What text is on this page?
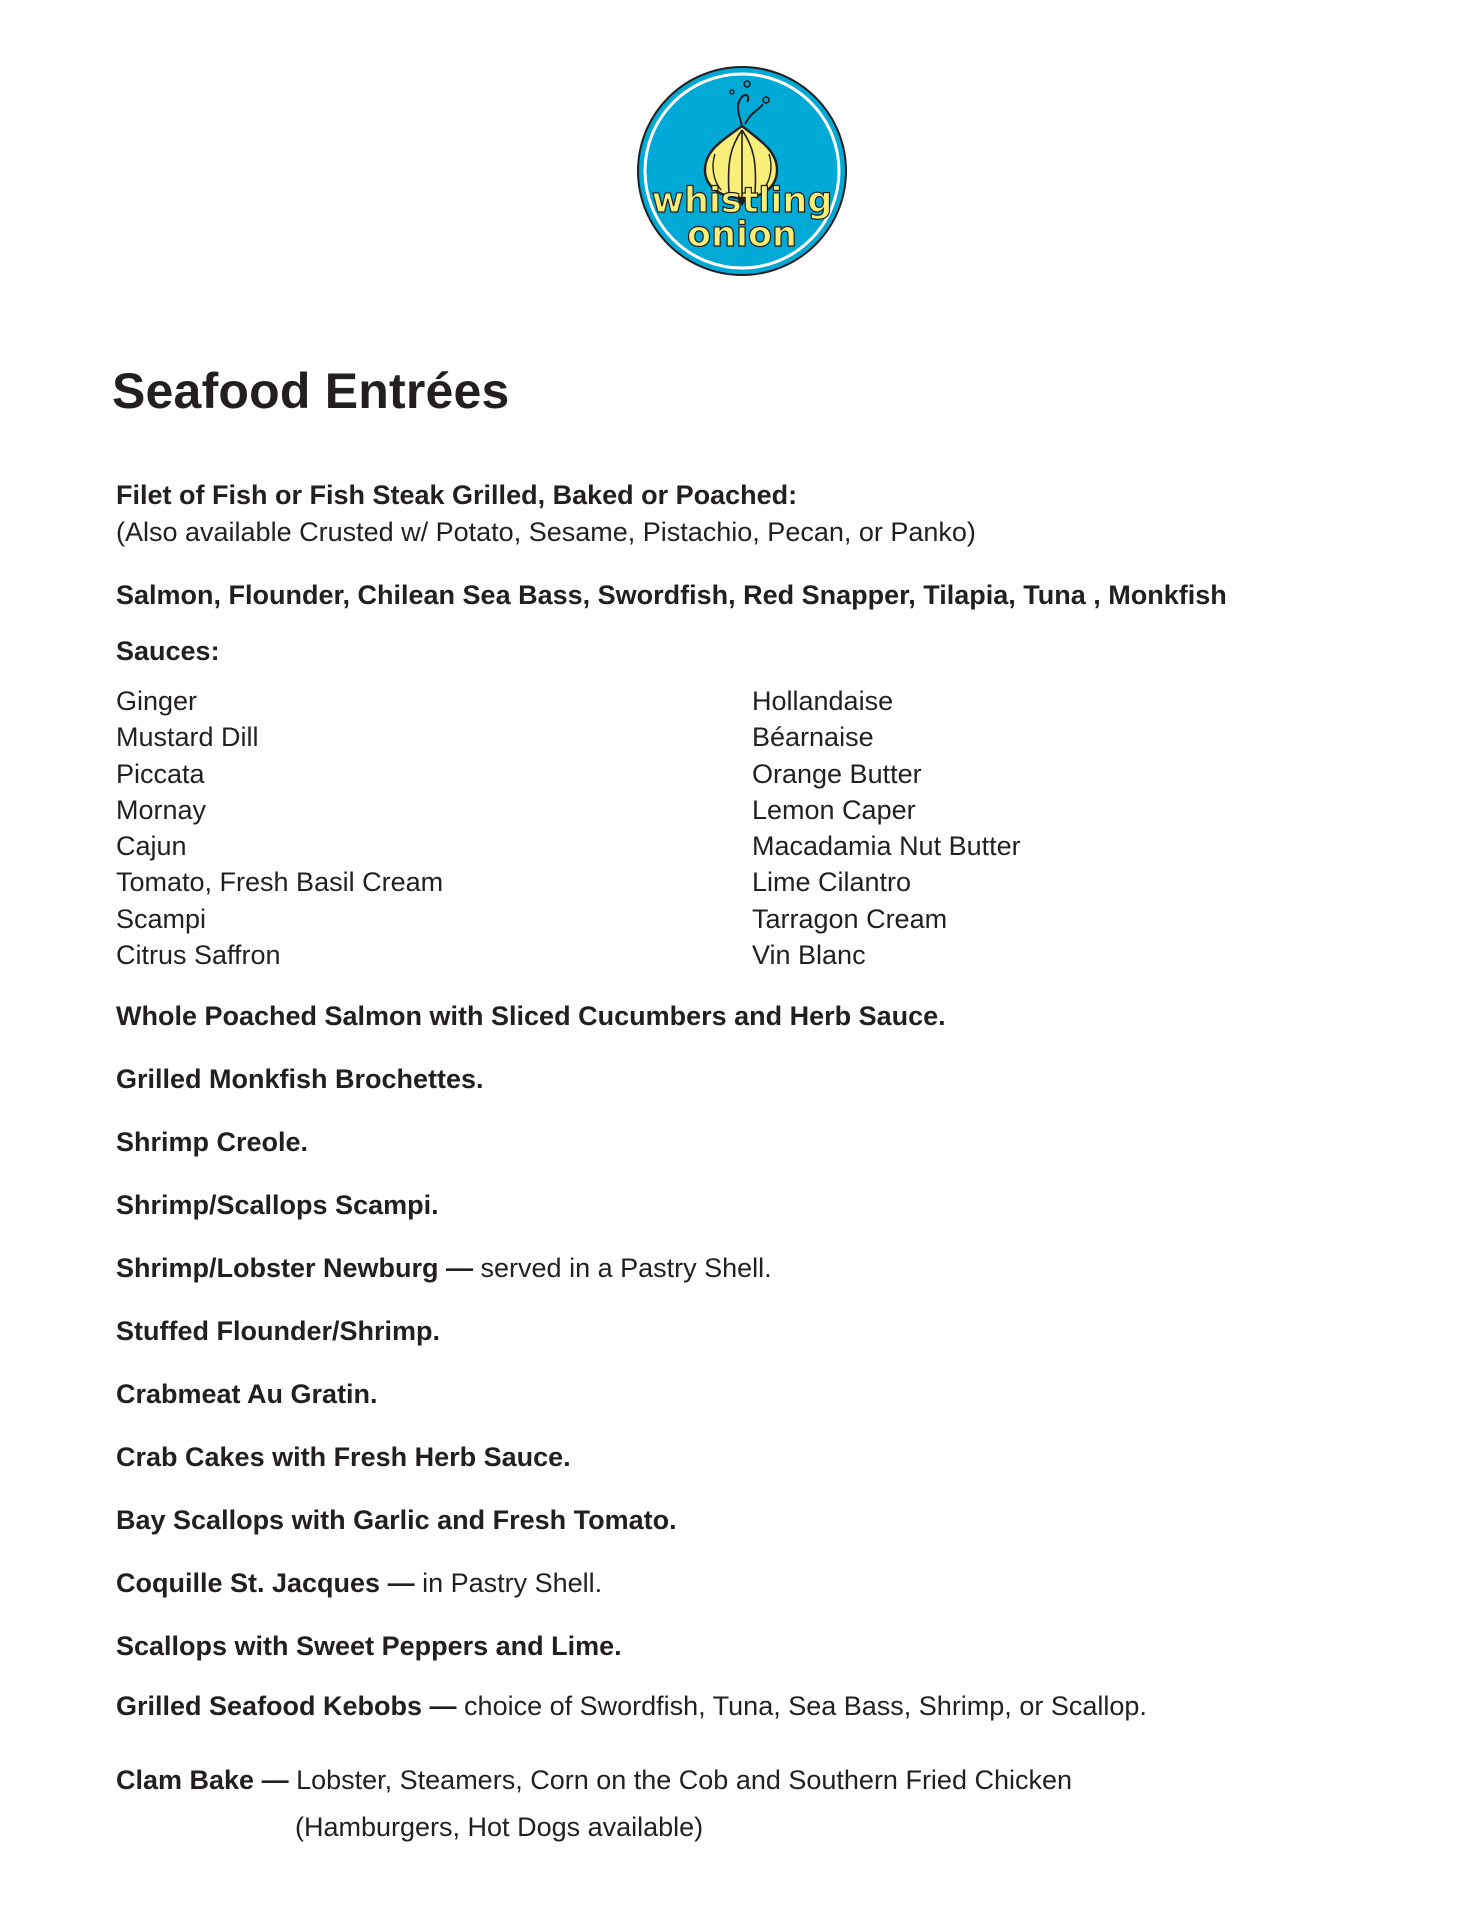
whistling
onion
Seafood Entrées
Filet of Fish or Fish Steak Grilled, Baked or Poached:
(Also available Crusted w/ Potato, Sesame, Pistachio, Pecan, or Panko)
Salmon, Flounder, Chilean Sea Bass, Swordfish, Red Snapper, Tilapia, Tuna , Monkfish
Sauces:
Ginger
Mustard Dill
Piccata
Mornay
Cajun
Tomato, Fresh Basil Cream
Scampi
Citrus Saffron
Hollandaise
Béarnaise
Orange Butter
Lemon Caper
Macadamia Nut Butter
Lime Cilantro
Tarragon Cream
Vin Blanc
Whole Poached Salmon with Sliced Cucumbers and Herb Sauce.
Grilled Monkfish Brochettes.
Shrimp Creole.
Shrimp/Scallops Scampi.
Shrimp/Lobster Newburg — served in a Pastry Shell.
Stuffed Flounder/Shrimp.
Crabmeat Au Gratin.
Crab Cakes with Fresh Herb Sauce.
Bay Scallops with Garlic and Fresh Tomato.
Coquille St. Jacques — in Pastry Shell.
Scallops with Sweet Peppers and Lime.
Grilled Seafood Kebobs — choice of Swordfish, Tuna, Sea Bass, Shrimp, or Scallop.
Clam Bake — Lobster, Steamers, Corn on the Cob and Southern Fried Chicken
(Hamburgers, Hot Dogs available)
